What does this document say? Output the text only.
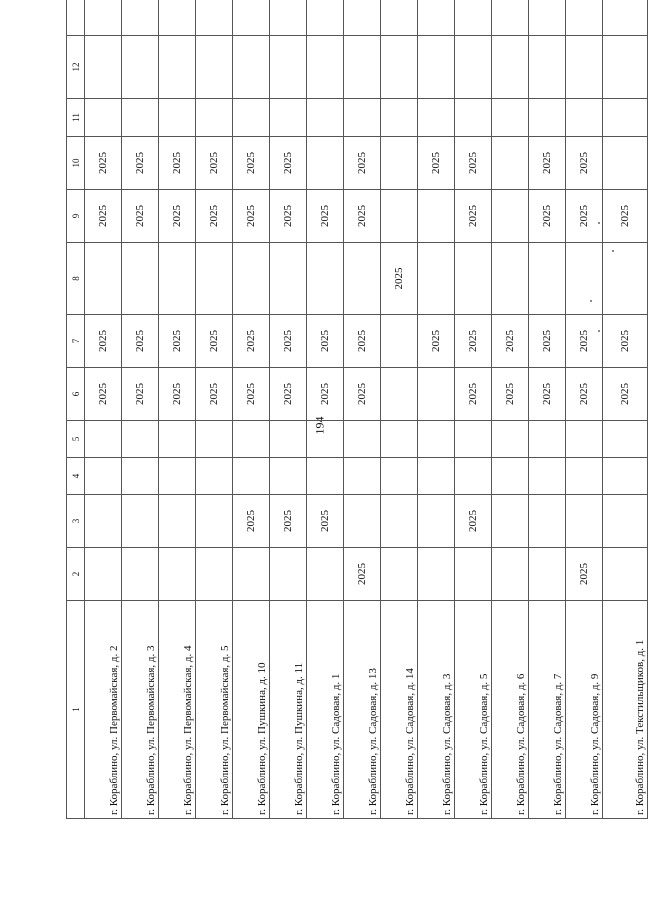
194
1	2	3	4	5	6	7	8	9	10	11	12	
г. Кораблино, ул. Первомайская, д. 2					2025	2025		2025	2025			
г. Кораблино, ул. Первомайская, д. 3					2025	2025		2025	2025			
г. Кораблино, ул. Первомайская, д. 4					2025	2025		2025	2025			
г. Кораблино, ул. Первомайская, д. 5					2025	2025		2025	2025			
г. Кораблино, ул. Пушкина, д. 10		2025			2025	2025		2025	2025			
г. Кораблино, ул. Пушкина, д. 11		2025			2025	2025		2025	2025			
г. Кораблино, ул. Садовая, д. 1		2025			2025	2025		2025				
г. Кораблино, ул. Садовая, д. 13	2025				2025	2025		2025	2025			
г. Кораблино, ул. Садовая, д. 14							2025					
г. Кораблино, ул. Садовая, д. 3						2025			2025			
г. Кораблино, ул. Садовая, д. 5		2025			2025	2025		2025	2025			
г. Кораблино, ул. Садовая, д. 6					2025	2025						
г. Кораблино, ул. Садовая, д. 7					2025	2025		2025	2025			
г. Кораблино, ул. Садовая, д. 9	2025				2025	2025		2025	2025			
г. Кораблино, ул. Текстильщиков, д. 1					2025	2025		2025				
